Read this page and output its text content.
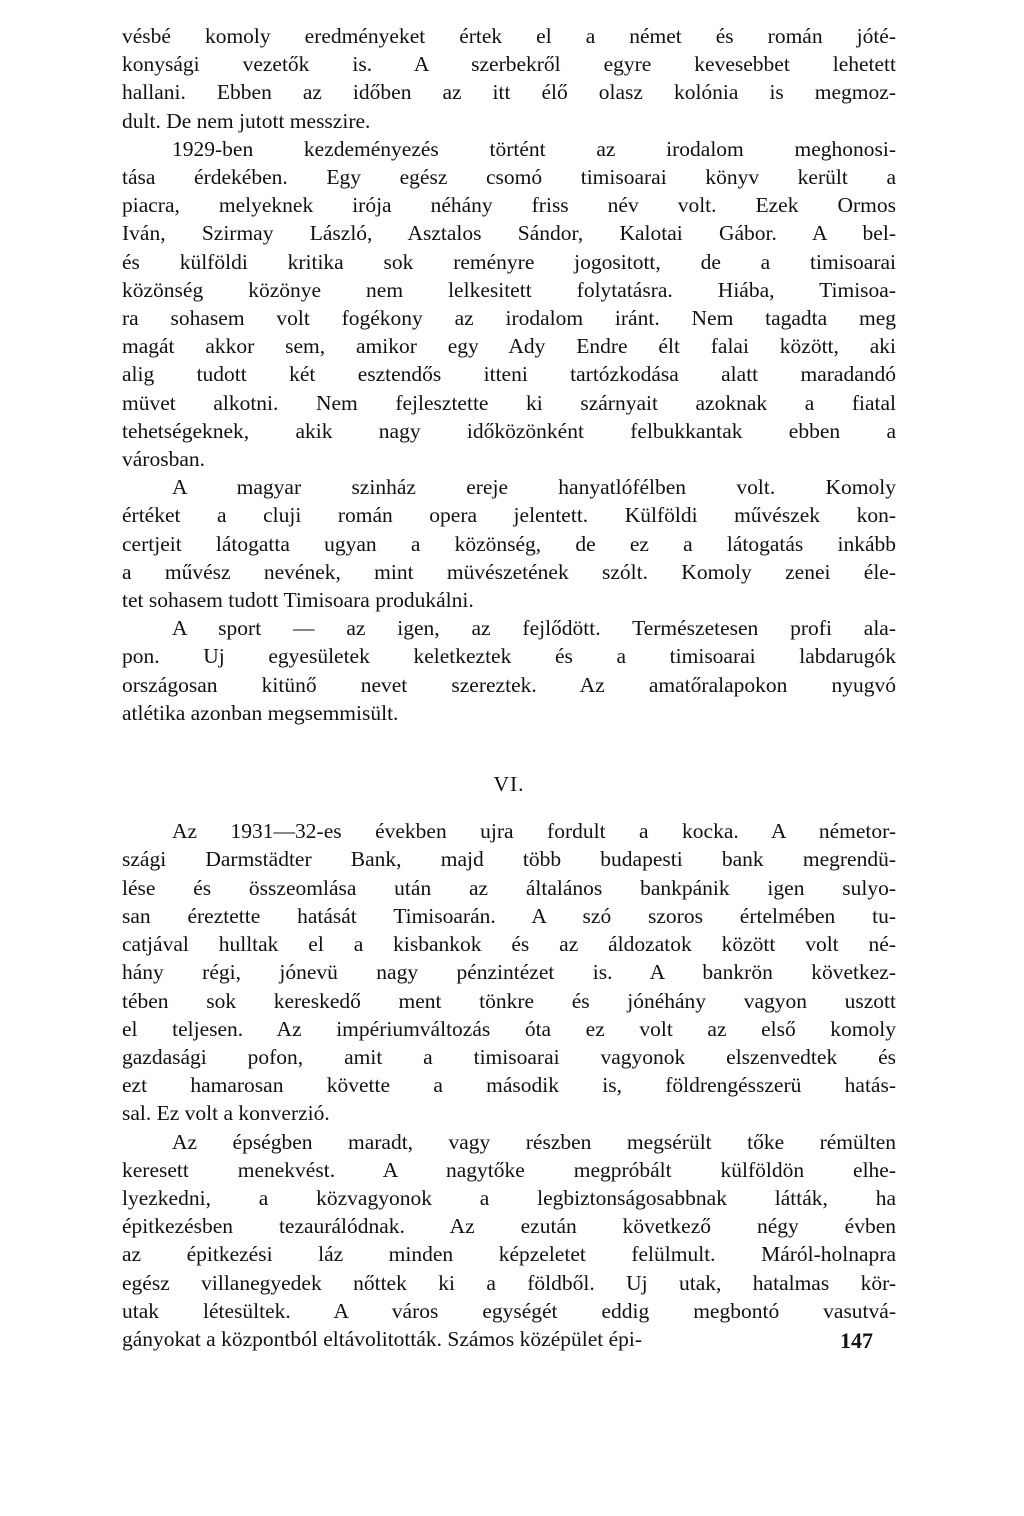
vésbé komoly eredményeket értek el a német és román jóté-
konysági vezetők is. A szerbekről egyre kevesebbet lehetett
hallani. Ebben az időben az itt élő olasz kolónia is megmoz-
dult. De nem jutott messzire.
1929-ben kezdeményezés történt az irodalom meghonosi-
tása érdekében. Egy egész csomó timisoarai könyv került a
piacra, melyeknek irója néhány friss név volt. Ezek Ormos
Iván, Szirmay László, Asztalos Sándor, Kalotai Gábor. A bel-
és külföldi kritika sok reményre jogositott, de a timisoarai
közönség közönye nem lelkesitett folytatásra. Hiába, Timisoa-
ra sohasem volt fogékony az irodalom iránt. Nem tagadta meg
magát akkor sem, amikor egy Ady Endre élt falai között, aki
alig tudott két esztendős itteni tartózkodása alatt maradandó
müvet alkotni. Nem fejlesztette ki szárnyait azoknak a fiatal
tehetségeknek, akik nagy időközönként felbukkantak ebben a
városban.
A magyar szinház ereje hanyatlófélben volt. Komoly
értéket a cluji román opera jelentett. Külföldi művészek kon-
certjeit látogatta ugyan a közönség, de ez a látogatás inkább
a művész nevének, mint müvészetének szólt. Komoly zenei éle-
tet sohasem tudott Timisoara produkálni.
A sport — az igen, az fejlődött. Természetesen profi ala-
pon. Uj egyesületek keletkeztek és a timisoarai labdarugók
országosan kitünő nevet szereztek. Az amatőralapokon nyugvó
atlétika azonban megsemmisült.
VI.
Az 1931—32-es években ujra fordult a kocka. A németor-
szági Darmstädter Bank, majd több budapesti bank megrendü-
lése és összeomlása után az általános bankpánik igen sulyo-
san éreztette hatását Timisoarán. A szó szoros értelmében tu-
catjával hulltak el a kisbankok és az áldozatok között volt né-
hány régi, jónevü nagy pénzintézet is. A bankrön következ-
tében sok kereskedő ment tönkre és jónéhány vagyon uszott
el teljesen. Az impériumváltozás óta ez volt az első komoly
gazdasági pofon, amit a timisoarai vagyonok elszenvedtek és
ezt hamarosan követte a második is, földrengésszerü hatás-
sal. Ez volt a konverzió.
Az épségben maradt, vagy részben megsérült tőke rémülten
keresett menekvést. A nagytőke megpróbált külföldön elhe-
lyezkedni, a közvagyonok a legbiztonságosabbnak látták, ha
épitkezésben tezaurálódnak. Az ezután következő négy évben
az épitkezési láz minden képzeletet felülmult. Máról-holnapra
egész villanegyedek nőttek ki a földből. Uj utak, hatalmas kör-
utak létesültek. A város egységét eddig megbontó vasutvá-
gányokat a központból eltávolitották. Számos középület épi-	147
